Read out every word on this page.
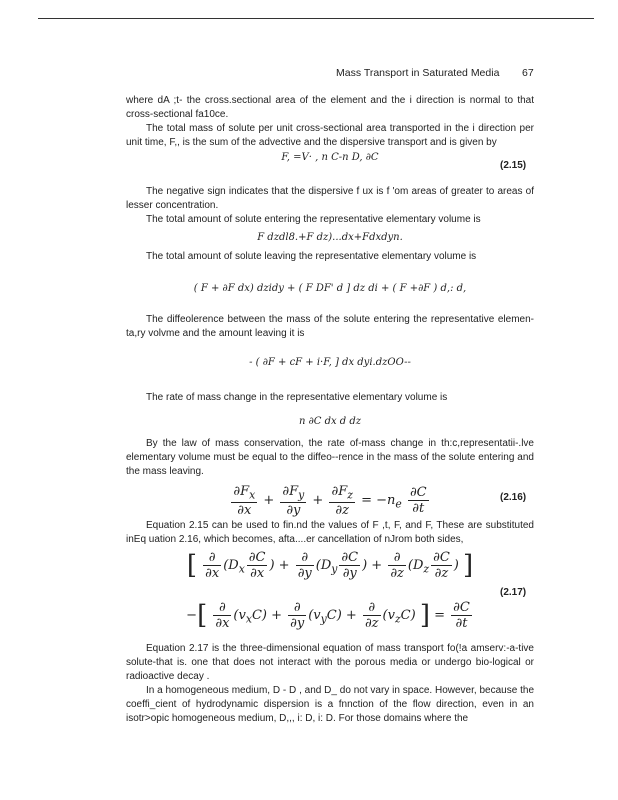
Mass Transport in Saturated Media 67

where dA ;t- the cross.sectional area of the element and the i direction is normal to that cross-sectional fa10ce.

The total mass of solute per unit cross-sectional area transported in the i direction per unit time, F,, is the sum of the advective and the dispersive transport and is given by

F, =V· , n C-n D, ∂C
(2.15)

The negative sign indicates that the dispersive f ux is f 'om areas of greater to areas of lesser concentration.

The total amount of solute entering the representative elementary volume is

F dzdl8.+F dz)...dx+Fdxdyn.

The total amount of solute leaving the representative elementary volume is

( F + ∂F dx) dzidy + ( F DF' d ] dz di + ( F +∂F ) d,: d,

The diffeolerence between the mass of the solute entering the representative elemen-ta,ry volvme and the amount leaving it is

- ( ∂F + cF + i·F, ] dx dyi.dzOO--

The rate of mass change in the representative elementary volume is

n ∂C dx d dz

By the law of mass conservation, the rate of-mass change in th:c,representatii-.lve elementary volume must be equal to the diffeo--rence in the mass of the solute entering and the mass leaving.

$\frac{\partial F_x}{\partial x} + \frac{\partial F_y}{\partial y} + \frac{\partial F_z}{\partial z} = -n_e \frac{\partial C}{\partial t}$	(2.16)

Equation 2.15 can be used to fin.nd the values of F ,t, F, and F, These are substituted inEq uation 2.16, which becomes, afta....er cancellation of nJrom both sides,

[ $\frac{\partial}{\partial x} (D_x \frac{\partial C}{\partial x}$ ) + $\frac{\partial}{\partial y} (D_y \frac{\partial C}{\partial y}$ ) + $\frac{\partial}{\partial z} (D_z \frac{\partial C}{\partial z}$ ) ]
(2.17)
−[ $\frac{\partial}{\partial x} (v_xC) + \frac{\partial}{\partial y} (v_yC) + \frac{\partial}{\partial z} (v_zC)$ ] = $\frac{\partial C}{\partial t}$

Equation 2.17 is the three-dimensional equation of mass transport fo(!a amserv:-a-tive solute-that is. one that does not interact with the porous media or undergo bio-logical or radioactive decay .

In a homogeneous medium, D - D , and D_ do not vary in space. However, because the coeffi_cient of hydrodynamic dispersion is a fnnction of the flow direction, even in an isotr>opic homogeneous medium, D,,, i: D, i: D. For those domains where the
